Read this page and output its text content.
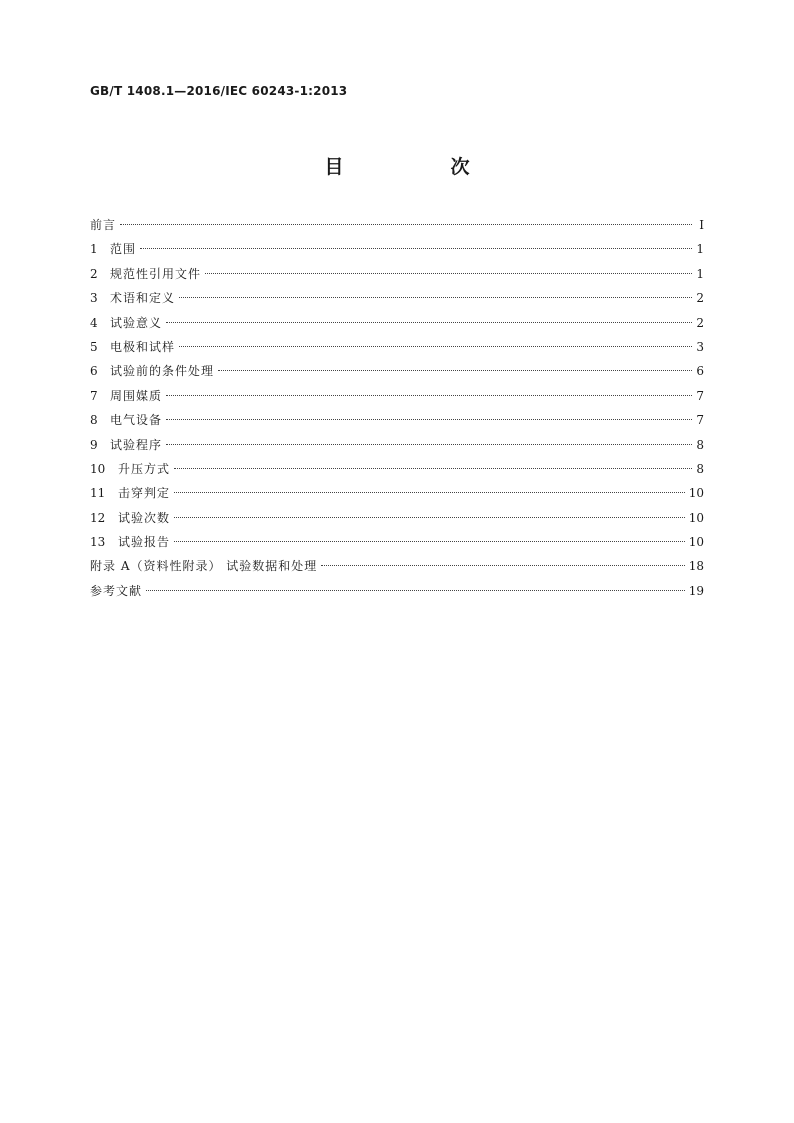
GB/T 1408.1—2016/IEC 60243-1:2013
目　次
前言	Ⅰ
1	范围	1
2	规范性引用文件	1
3	术语和定义	2
4	试验意义	2
5	电极和试样	3
6	试验前的条件处理	6
7	周围媒质	7
8	电气设备	7
9	试验程序	8
10	升压方式	8
11	击穿判定	10
12	试验次数	10
13	试验报告	10
附录 A（资料性附录） 试验数据和处理	18
参考文献	19
